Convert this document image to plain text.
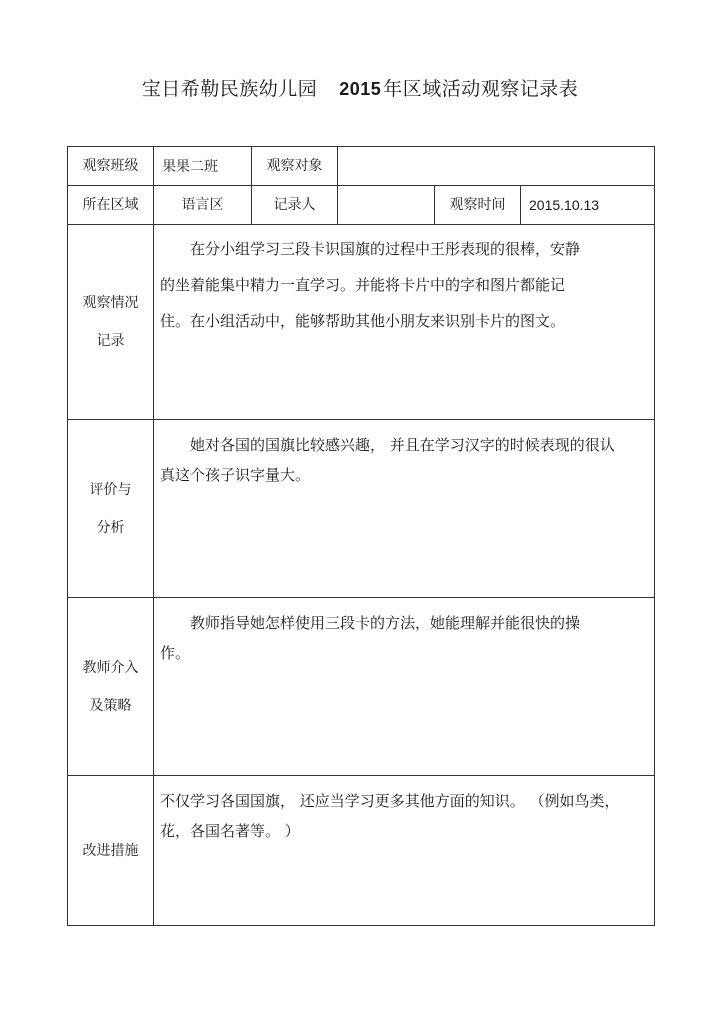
宝日希勒民族幼儿园 2015 年区域活动观察记录表
观察班级	果果二班	观察对象			
所在区域	语言区	记录人		观察时间	2015.10.13

观察情况
记录	在分小组学习三段卡识国旗的过程中王彤表现的很棒，安静的坐着能集中精力一直学习。并能将卡片中的字和图片都能记住。在小组活动中，能够帮助其他小朋友来识别卡片的图文。				

评价与
分析	她对各国的国旗比较感兴趣， 并且在学习汉字的时候表现的很认真这个孩子识字量大。				

教师介入
及策略	教师指导她怎样使用三段卡的方法，她能理解并能很快的操作。				

改进措施	不仅学习各国国旗， 还应当学习更多其他方面的知识。 （例如鸟类，花，各国名著等。 ）				
